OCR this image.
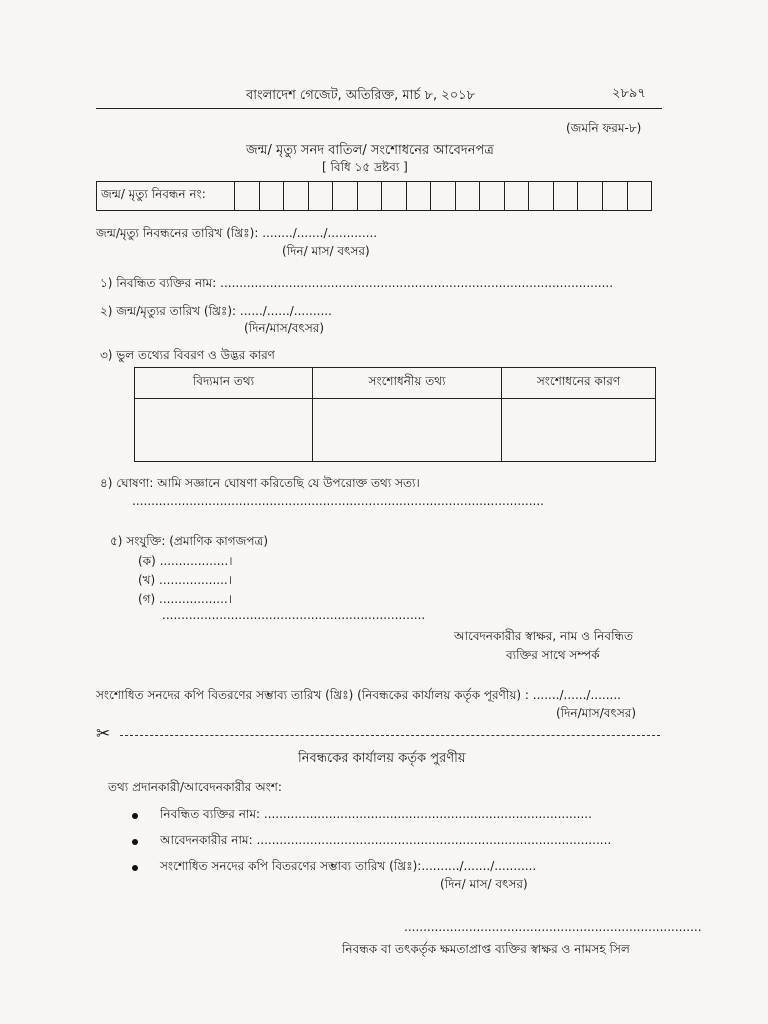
বাংলাদেশ গেজেট, অতিরিক্ত, মার্চ ৮, ২০১৮	২৮৯৭
(জমনি ফরম-৮)
জন্ম/ মৃত্যু সনদ বাতিল/ সংশোধনের আবেদনপত্র
[ বিধি ১৫ দ্রষ্টব্য ]
জন্ম/ মৃত্যু নিবন্ধন নং:
জন্ম/মৃত্যু নিবন্ধনের তারিখ (খ্রিঃ): ......../......./.............
(দিন/ মাস/ বৎসর)
১) নিবন্ধিত ব্যক্তির নাম: .......................................................................................................
২) জন্ম/মৃত্যুর তারিখ (খ্রিঃ): ....../....../..........
(দিন/মাস/বৎসর)
৩) ভুল তথ্যের বিবরণ ও উদ্ভর কারণ
বিদ্যমান তথ্য	সংশোধনীয় তথ্য	সংশোধনের কারণ

৪) ঘোষণা: আমি সজ্ঞানে ঘোষণা করিতেছি যে উপরোক্ত তথ্য সত্য।
............................................................................................................
৫) সংযুক্তি: (প্রমাণিক কাগজপত্র)
(ক) ..................।
(খ) ..................।
(গ) ..................।
.....................................................................
আবেদনকারীর স্বাক্ষর, নাম ও নিবন্ধিত
ব্যক্তির সাথে সম্পর্ক
সংশোধিত সনদের কপি বিতরণের সম্ভাব্য তারিখ (খ্রিঃ) (নিবন্ধকের কার্যালয় কর্তৃক পূরণীয়) : ......./....../........
(দিন/মাস/বৎসর)
✂
নিবন্ধকের কার্যালয় কর্তৃক পুরণীয়
তথ্য প্রদানকারী/আবেদনকারীর অংশ:
নিবন্ধিত ব্যক্তির নাম: ......................................................................................
আবেদনকারীর নাম: .............................................................................................
সংশোধিত সনদের কপি বিতরণের সম্ভাব্য তারিখ (খ্রিঃ):........../......./...........
(দিন/ মাস/ বৎসর)
..............................................................................
নিবন্ধক বা তৎকর্তৃক ক্ষমতাপ্রাপ্ত ব্যক্তির স্বাক্ষর ও নামসহ সিল
